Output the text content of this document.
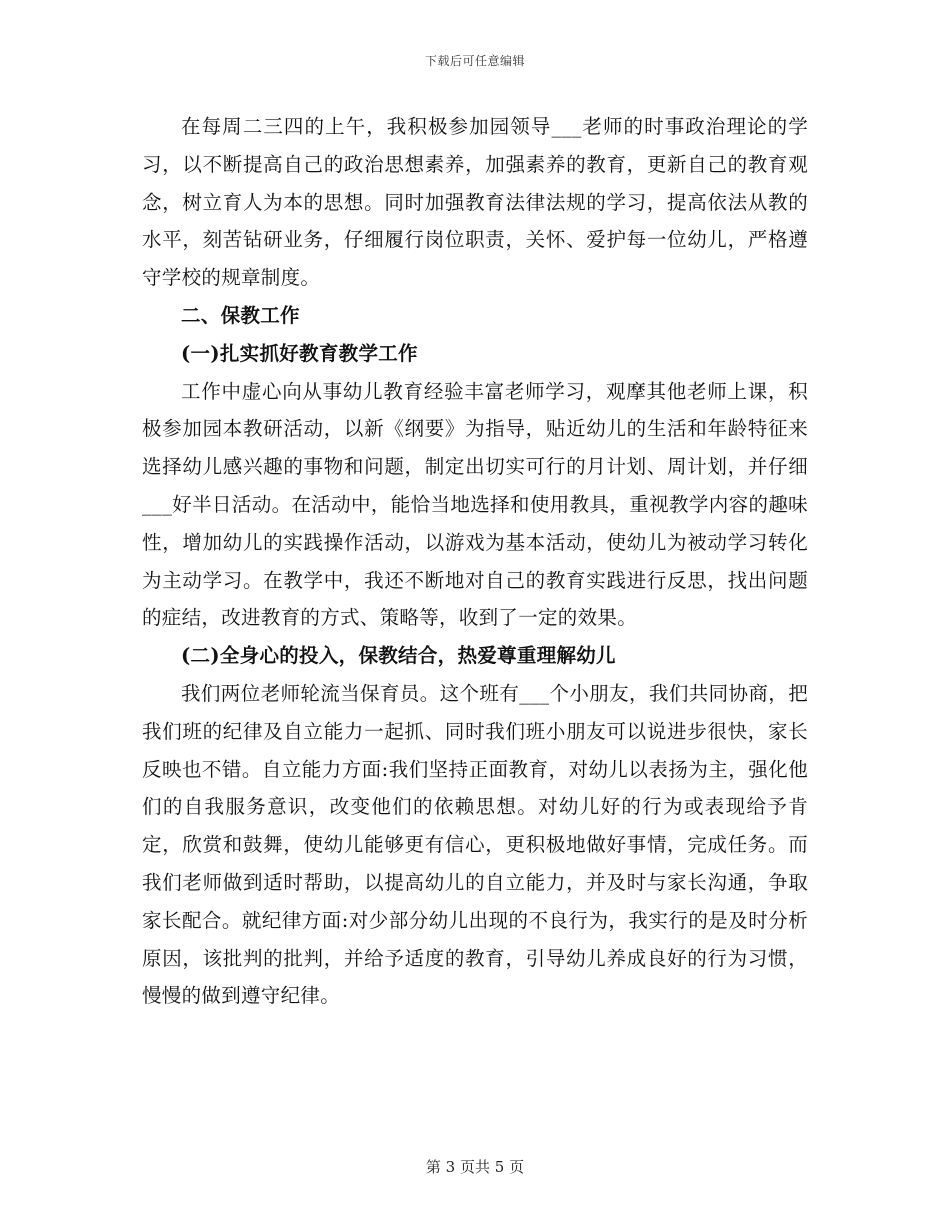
下载后可任意编辑

在每周二三四的上午，我积极参加园领导___老师的时事政治理论的学习，以不断提高自己的政治思想素养，加强素养的教育，更新自己的教育观念，树立育人为本的思想。同时加强教育法律法规的学习，提高依法从教的水平，刻苦钻研业务，仔细履行岗位职责，关怀、爱护每一位幼儿，严格遵守学校的规章制度。

二、保教工作

(一)扎实抓好教育教学工作

工作中虚心向从事幼儿教育经验丰富老师学习，观摩其他老师上课，积极参加园本教研活动，以新《纲要》为指导，贴近幼儿的生活和年龄特征来选择幼儿感兴趣的事物和问题，制定出切实可行的月计划、周计划，并仔细___好半日活动。在活动中，能恰当地选择和使用教具，重视教学内容的趣味性，增加幼儿的实践操作活动，以游戏为基本活动，使幼儿为被动学习转化为主动学习。在教学中，我还不断地对自己的教育实践进行反思，找出问题的症结，改进教育的方式、策略等，收到了一定的效果。

(二)全身心的投入，保教结合，热爱尊重理解幼儿

我们两位老师轮流当保育员。这个班有___个小朋友，我们共同协商，把我们班的纪律及自立能力一起抓、同时我们班小朋友可以说进步很快，家长反映也不错。自立能力方面:我们坚持正面教育，对幼儿以表扬为主，强化他们的自我服务意识，改变他们的依赖思想。对幼儿好的行为或表现给予肯定，欣赏和鼓舞，使幼儿能够更有信心，更积极地做好事情，完成任务。而我们老师做到适时帮助，以提高幼儿的自立能力，并及时与家长沟通，争取家长配合。就纪律方面:对少部分幼儿出现的不良行为，我实行的是及时分析原因，该批判的批判，并给予适度的教育，引导幼儿养成良好的行为习惯，慢慢的做到遵守纪律。

第 3 页共 5 页
